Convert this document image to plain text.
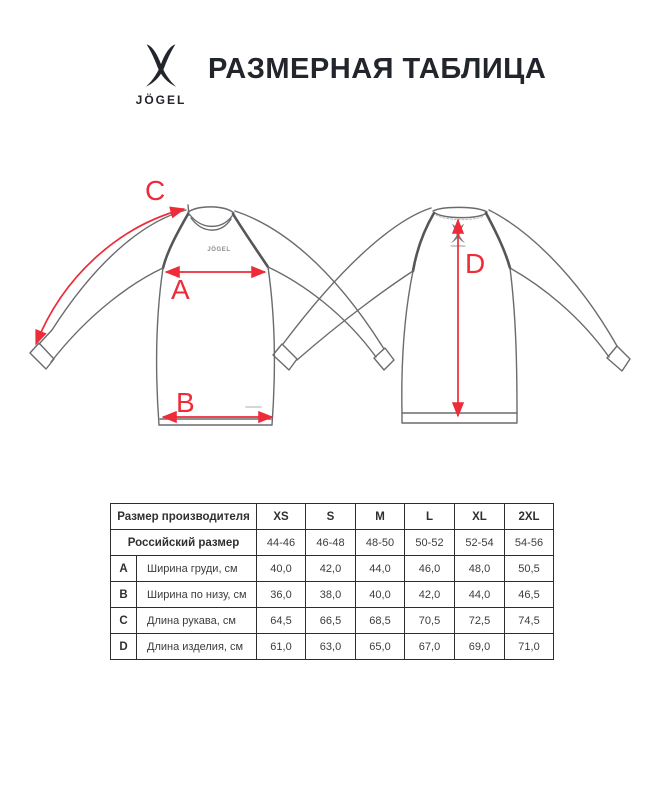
JÖGEL
РАЗМЕРНАЯ ТАБЛИЦА
JÖGEL
A
B
C
D
Размер производителя		XS	S	M	L	XL	2XL
Российский размер		44-46	46-48	48-50	50-52	52-54	54-56
A	Ширина груди, см	40,0	42,0	44,0	46,0	48,0	50,5
B	Ширина по низу, см	36,0	38,0	40,0	42,0	44,0	46,5
C	Длина рукава, см	64,5	66,5	68,5	70,5	72,5	74,5
D	Длина изделия, см	61,0	63,0	65,0	67,0	69,0	71,0
